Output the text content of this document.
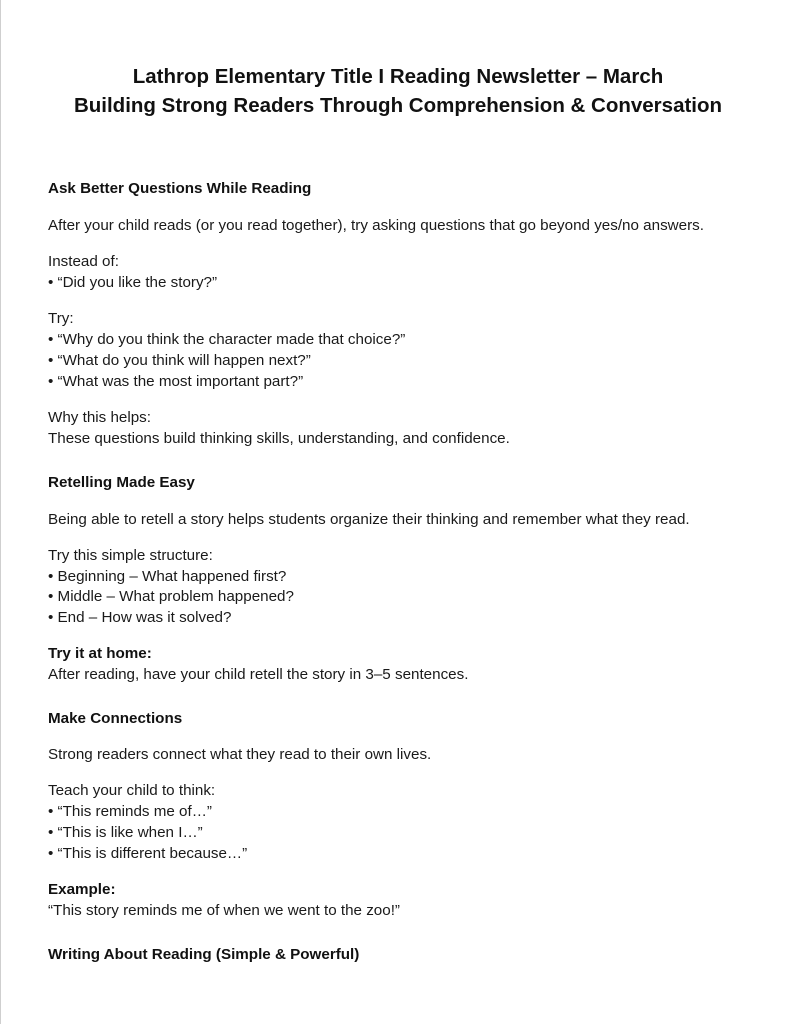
Lathrop Elementary Title I Reading Newsletter – March
Building Strong Readers Through Comprehension & Conversation
Ask Better Questions While Reading
After your child reads (or you read together), try asking questions that go beyond yes/no answers.
Instead of:
• “Did you like the story?”
Try:
• “Why do you think the character made that choice?”
• “What do you think will happen next?”
• “What was the most important part?”
Why this helps:
These questions build thinking skills, understanding, and confidence.
Retelling Made Easy
Being able to retell a story helps students organize their thinking and remember what they read.
Try this simple structure:
• Beginning – What happened first?
• Middle – What problem happened?
• End – How was it solved?
Try it at home:
After reading, have your child retell the story in 3–5 sentences.
Make Connections
Strong readers connect what they read to their own lives.
Teach your child to think:
• “This reminds me of…”
• “This is like when I…”
• “This is different because…”
Example:
“This story reminds me of when we went to the zoo!”
Writing About Reading (Simple & Powerful)
